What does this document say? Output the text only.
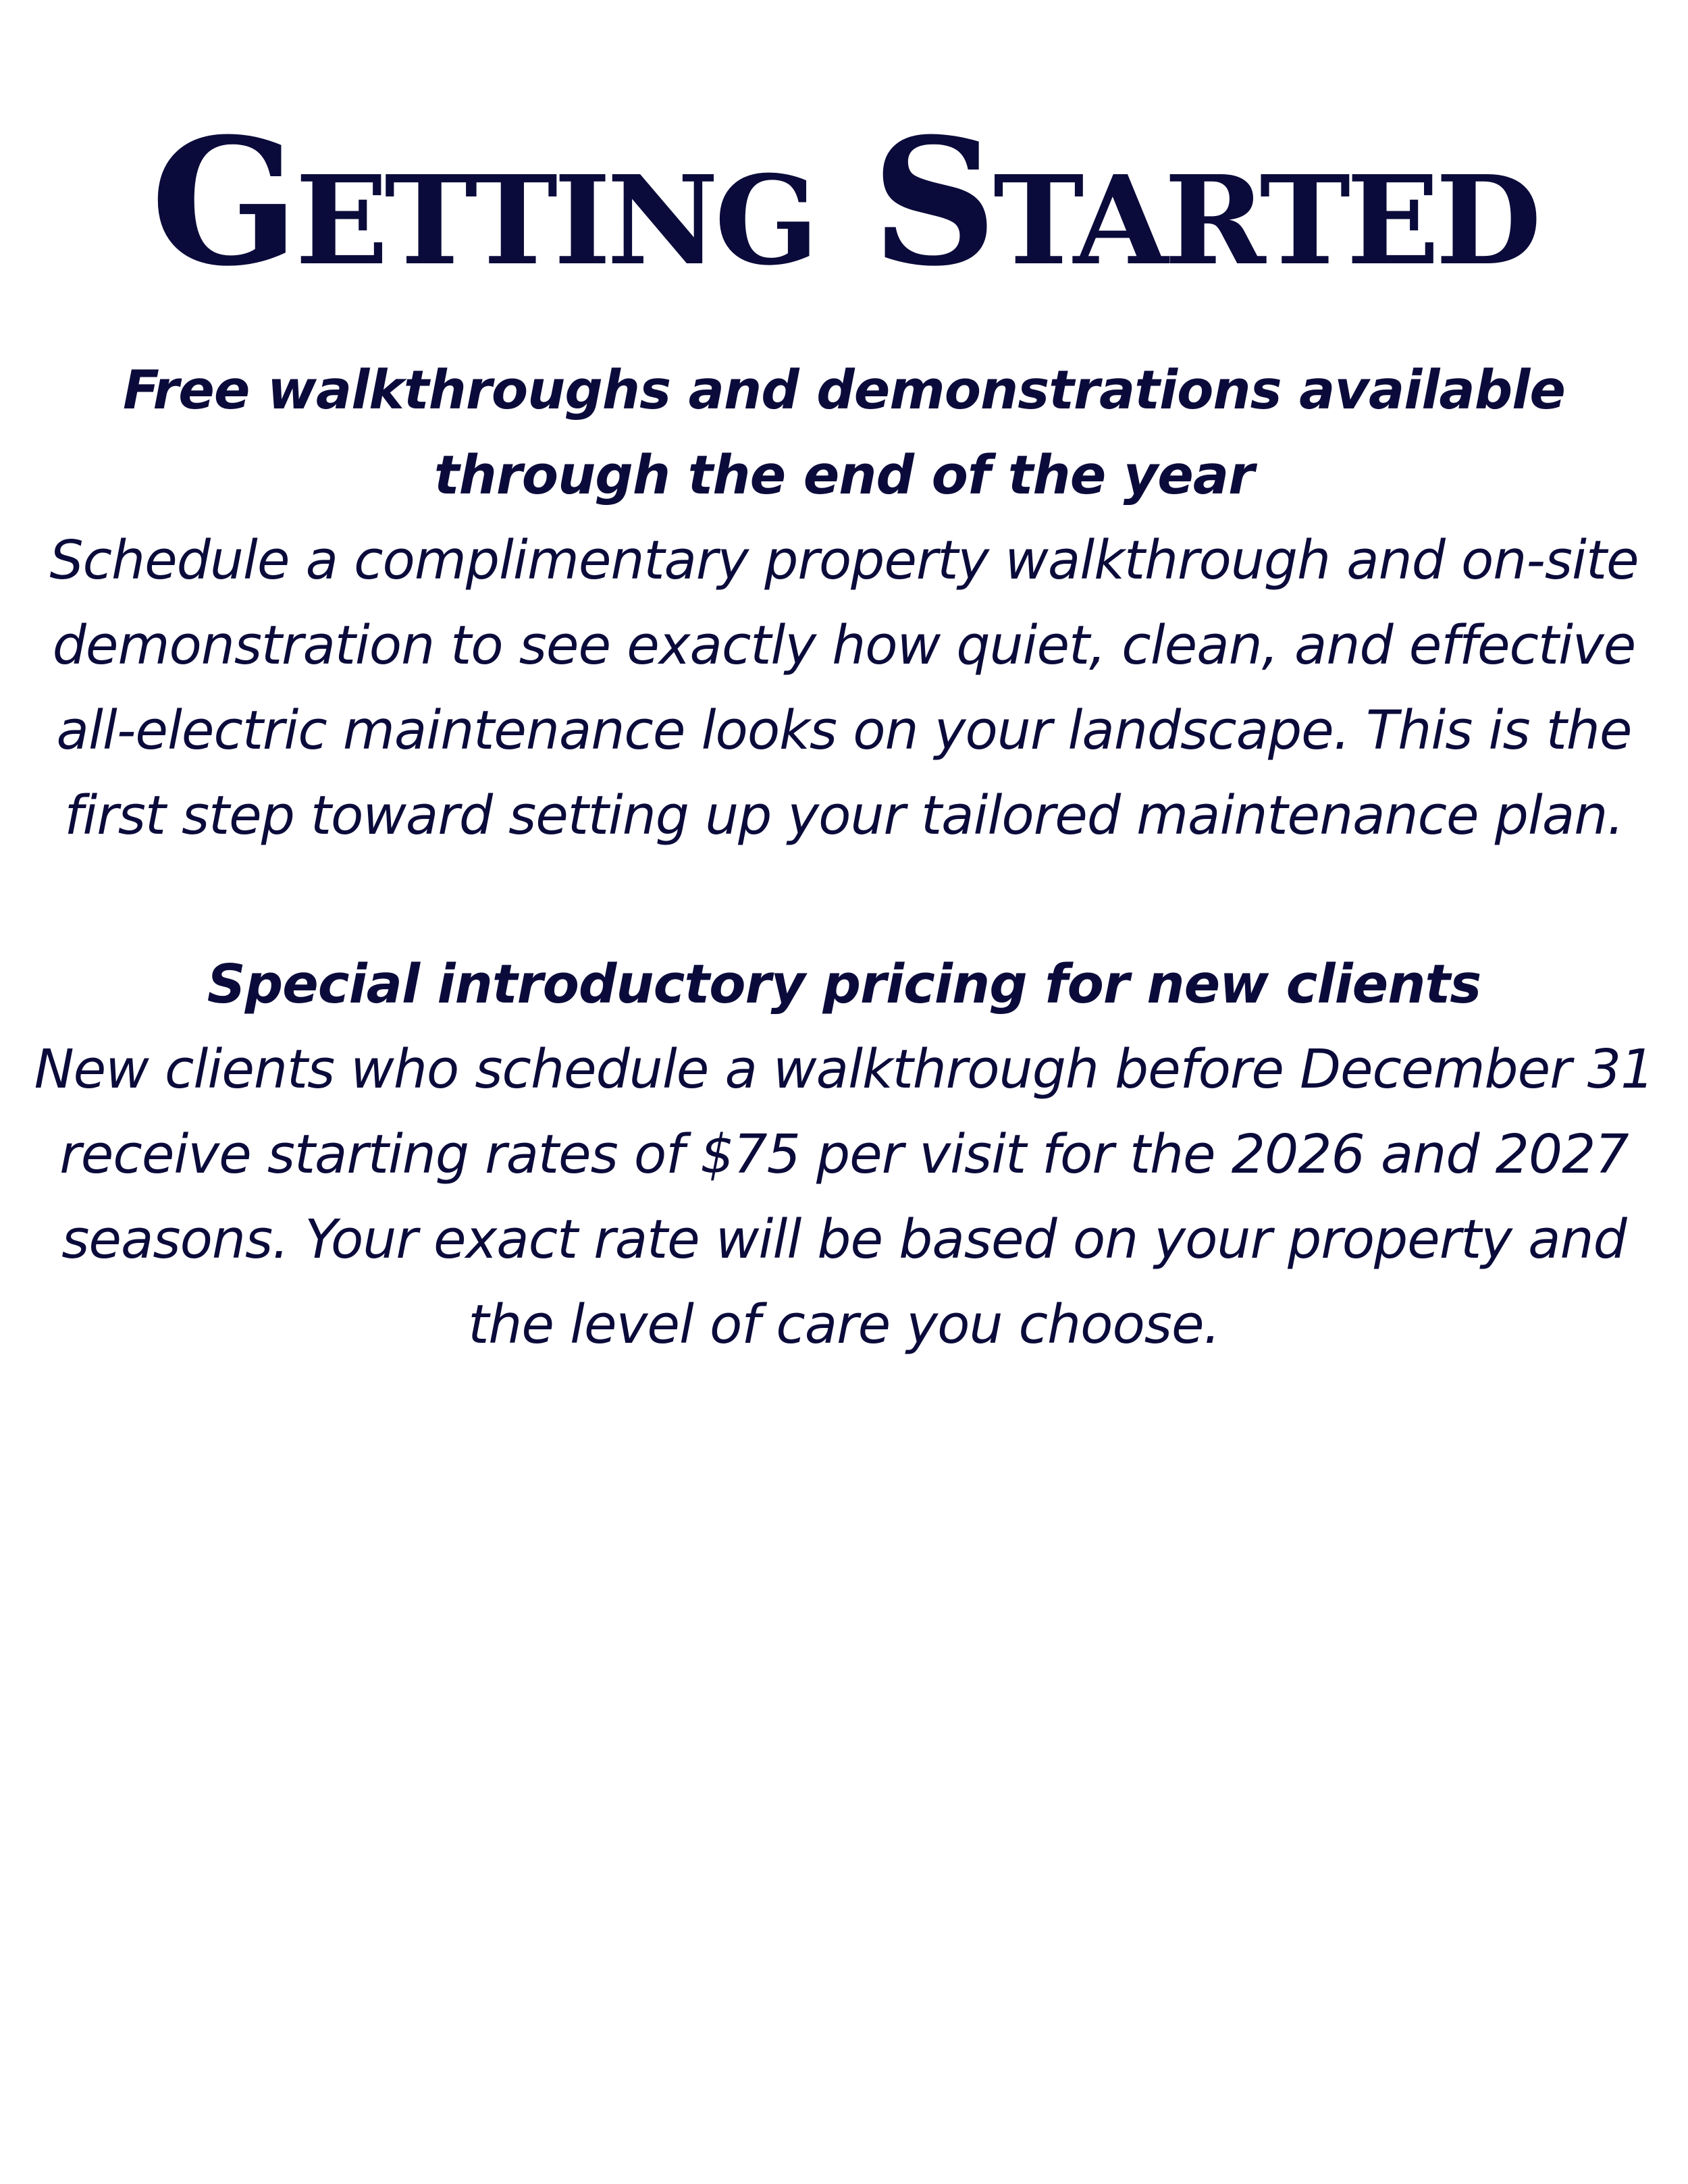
Getting Started

Free walkthroughs and demonstrations available through the end of the year

Schedule a complimentary property walkthrough and on-site demonstration to see exactly how quiet, clean, and effective all-electric maintenance looks on your landscape. This is the first step toward setting up your tailored maintenance plan.

Special introductory pricing for new clients

New clients who schedule a walkthrough before December 31 receive starting rates of $75 per visit for the 2026 and 2027 seasons. Your exact rate will be based on your property and the level of care you choose.
